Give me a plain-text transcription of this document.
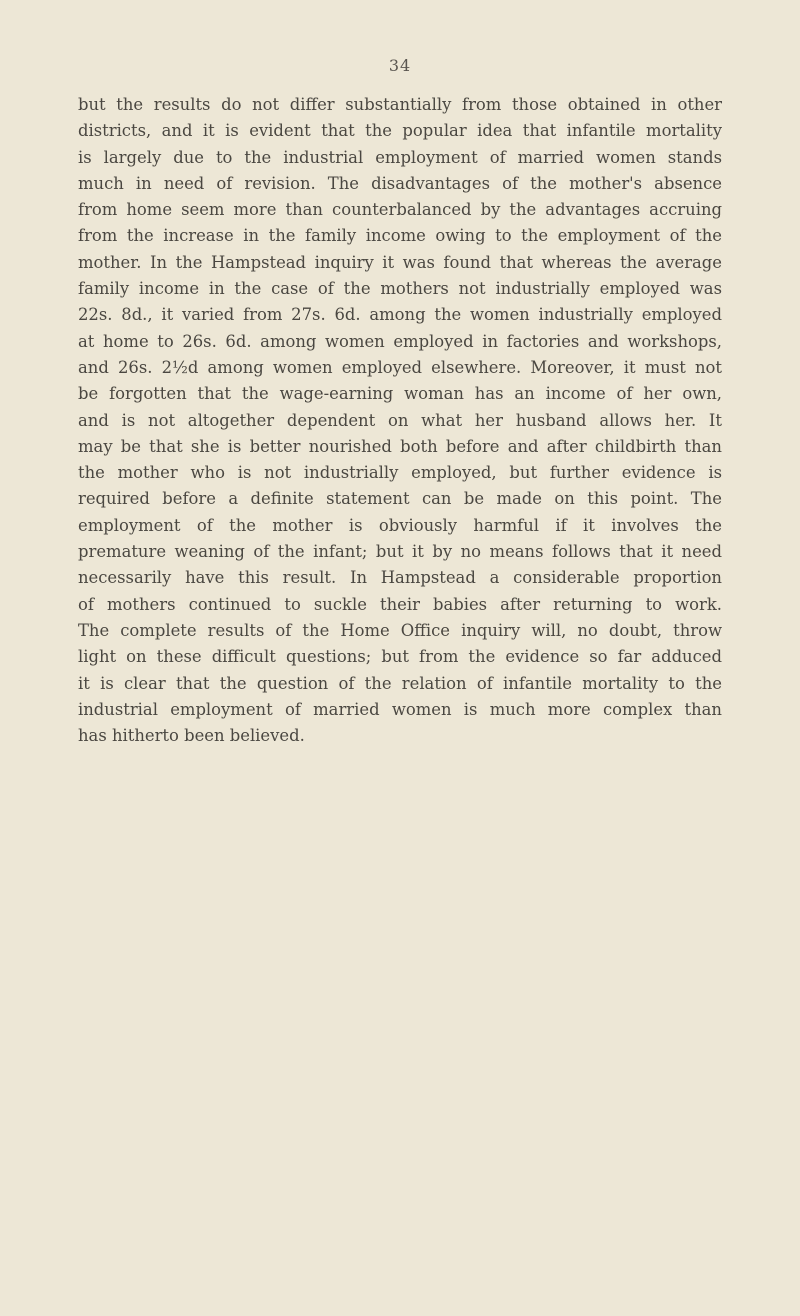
34
but the results do not differ substantially from those obtained in other
districts, and it is evident that the popular idea that infantile mortality
is largely due to the industrial employment of married women stands
much in need of revision. The disadvantages of the mother's absence
from home seem more than counterbalanced by the advantages accruing
from the increase in the family income owing to the employment of the
mother. In the Hampstead inquiry it was found that whereas the average
family income in the case of the mothers not industrially employed was
22s. 8d., it varied from 27s. 6d. among the women industrially employed
at home to 26s. 6d. among women employed in factories and workshops,
and 26s. 2½d among women employed elsewhere. Moreover, it must not
be forgotten that the wage-earning woman has an income of her own,
and is not altogether dependent on what her husband allows her. It
may be that she is better nourished both before and after childbirth than
the mother who is not industrially employed, but further evidence is
required before a definite statement can be made on this point. The
employment of the mother is obviously harmful if it involves the
premature weaning of the infant; but it by no means follows that it need
necessarily have this result. In Hampstead a considerable proportion
of mothers continued to suckle their babies after returning to work.
The complete results of the Home Office inquiry will, no doubt, throw
light on these difficult questions; but from the evidence so far adduced
it is clear that the question of the relation of infantile mortality to the
industrial employment of married women is much more complex than
has hitherto been believed.
